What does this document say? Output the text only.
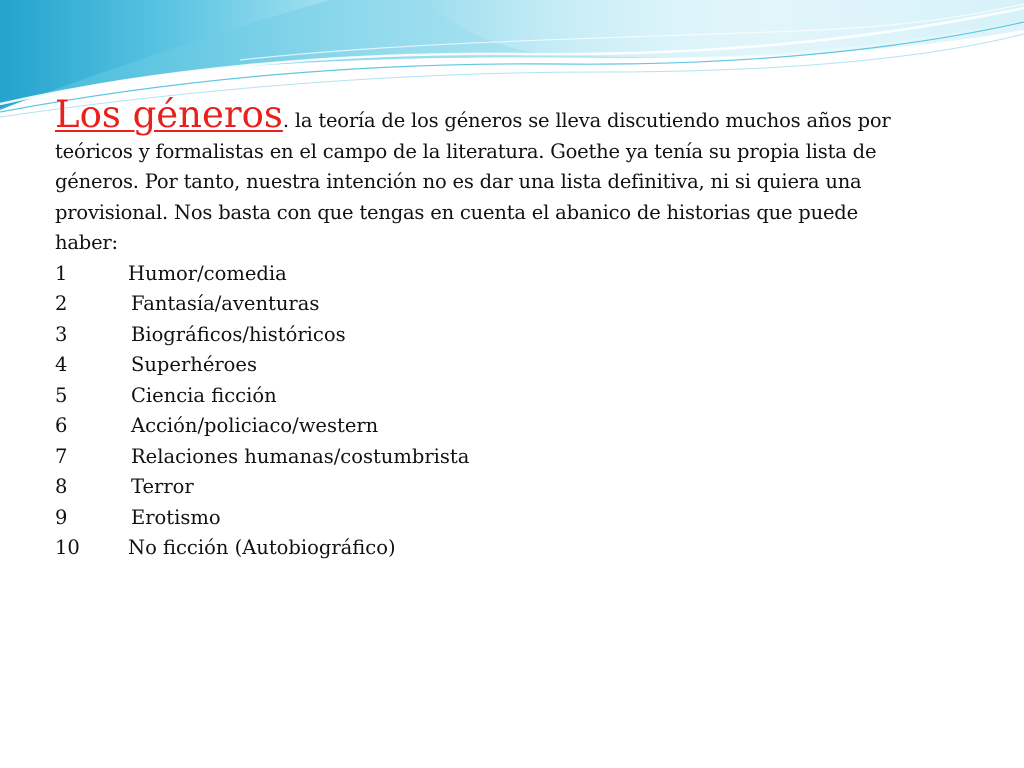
Los géneros. la teoría de los géneros se lleva discutiendo muchos años por teóricos y formalistas en el campo de la literatura. Goethe ya tenía su propia lista de géneros. Por tanto, nuestra intención no es dar una lista definitiva, ni si quiera una provisional. Nos basta con que tengas en cuenta el abanico de historias que puede haber:

1	Humor/comedia
2	Fantasía/aventuras
3	Biográficos/históricos
4	Superhéroes
5	Ciencia ficción
6	Acción/policiaco/western
7	Relaciones humanas/costumbrista
8	Terror
9	Erotismo
10 No ficción (Autobiográfico)
